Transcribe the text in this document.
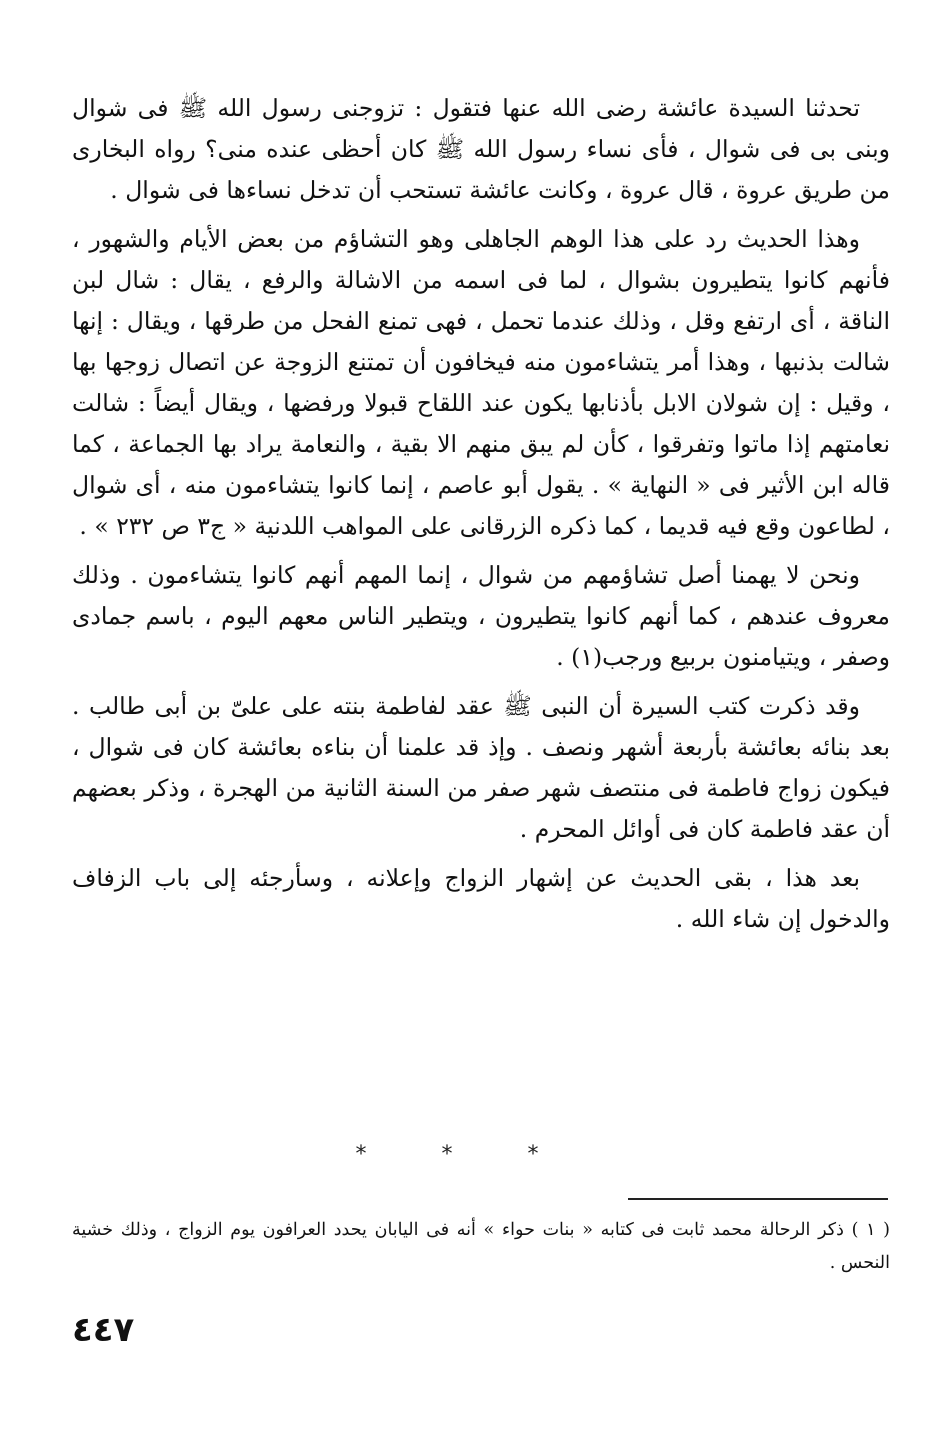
تحدثنا السيدة عائشة رضى الله عنها فتقول : تزوجنى رسول الله ﷺ فى شوال وبنى بى فى شوال ، فأى نساء رسول الله ﷺ كان أحظى عنده منى؟ رواه البخارى من طريق عروة ، قال عروة ، وكانت عائشة تستحب أن تدخل نساءها فى شوال .

وهذا الحديث رد على هذا الوهم الجاهلى وهو التشاؤم من بعض الأيام والشهور ، فأنهم كانوا يتطيرون بشوال ، لما فى اسمه من الاشالة والرفع ، يقال : شال لبن الناقة ، أى ارتفع وقل ، وذلك عندما تحمل ، فهى تمنع الفحل من طرقها ، ويقال : إنها شالت بذنبها ، وهذا أمر يتشاءمون منه فيخافون أن تمتنع الزوجة عن اتصال زوجها بها ، وقيل : إن شولان الابل بأذنابها يكون عند اللقاح قبولا ورفضها ، ويقال أيضاً : شالت نعامتهم إذا ماتوا وتفرقوا ، كأن لم يبق منهم الا بقية ، والنعامة يراد بها الجماعة ، كما قاله ابن الأثير فى « النهاية » . يقول أبو عاصم ، إنما كانوا يتشاءمون منه ، أى شوال ، لطاعون وقع فيه قديما ، كما ذكره الزرقانى على المواهب اللدنية « ج٣ ص ٢٣٢ » .

ونحن لا يهمنا أصل تشاؤمهم من شوال ، إنما المهم أنهم كانوا يتشاءمون . وذلك معروف عندهم ، كما أنهم كانوا يتطيرون ، ويتطير الناس معهم اليوم ، باسم جمادى وصفر ، ويتيامنون بربيع ورجب(١) .

وقد ذكرت كتب السيرة أن النبى ﷺ عقد لفاطمة بنته على علىّ بن أبى طالب . بعد بنائه بعائشة بأربعة أشهر ونصف . وإذ قد علمنا أن بناءه بعائشة كان فى شوال ، فيكون زواج فاطمة فى منتصف شهر صفر من السنة الثانية من الهجرة ، وذكر بعضهم أن عقد فاطمة كان فى أوائل المحرم .

بعد هذا ، بقى الحديث عن إشهار الزواج وإعلانه ، وسأرجئه إلى باب الزفاف والدخول إن شاء الله .

* * *
( ١ ) ذكر الرحالة محمد ثابت فى كتابه « بنات حواء » أنه فى اليابان يحدد العرافون يوم الزواج ، وذلك خشية النحس .
٤٤٧
